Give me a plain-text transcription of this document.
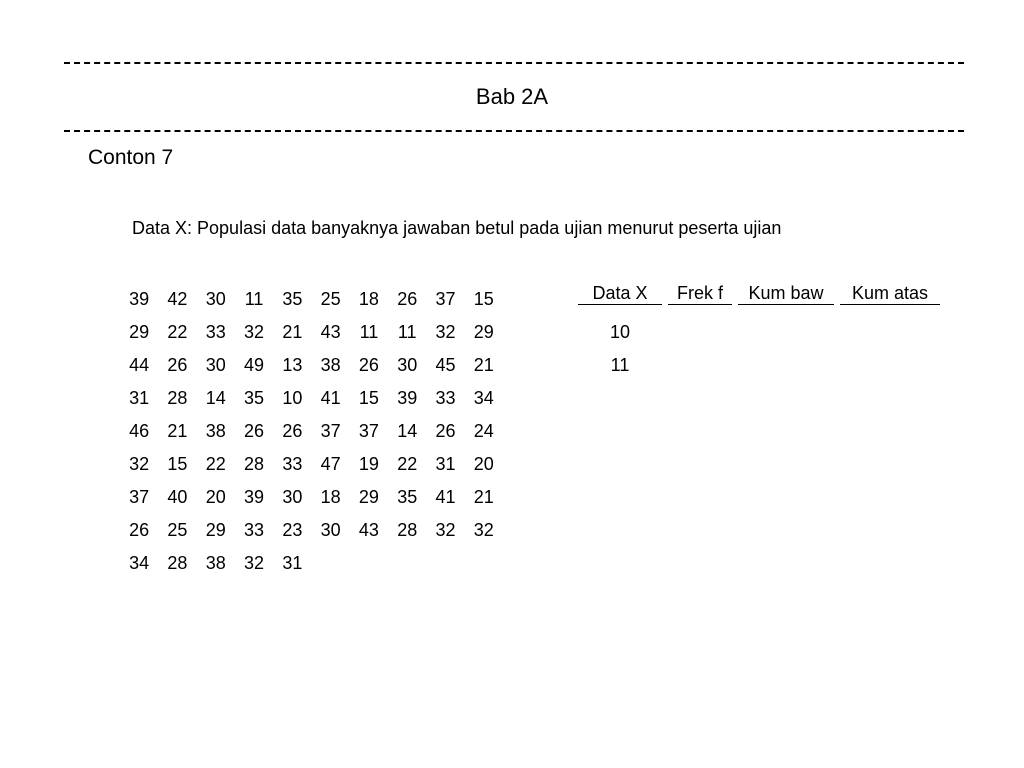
Bab 2A
Conton 7
Data X: Populasi data banyaknya jawaban betul pada ujian menurut peserta ujian
39	42	30	11	35	25	18	26	37	15
29	22	33	32	21	43	11	11	32	29
44	26	30	49	13	38	26	30	45	21
31	28	14	35	10	41	15	39	33	34
46	21	38	26	26	37	37	14	26	24
32	15	22	28	33	47	19	22	31	20
37	40	20	39	30	18	29	35	41	21
26	25	29	33	23	30	43	28	32	32
34	28	38	32	31
Data X	Frek f	Kum baw	Kum atas
10
11
